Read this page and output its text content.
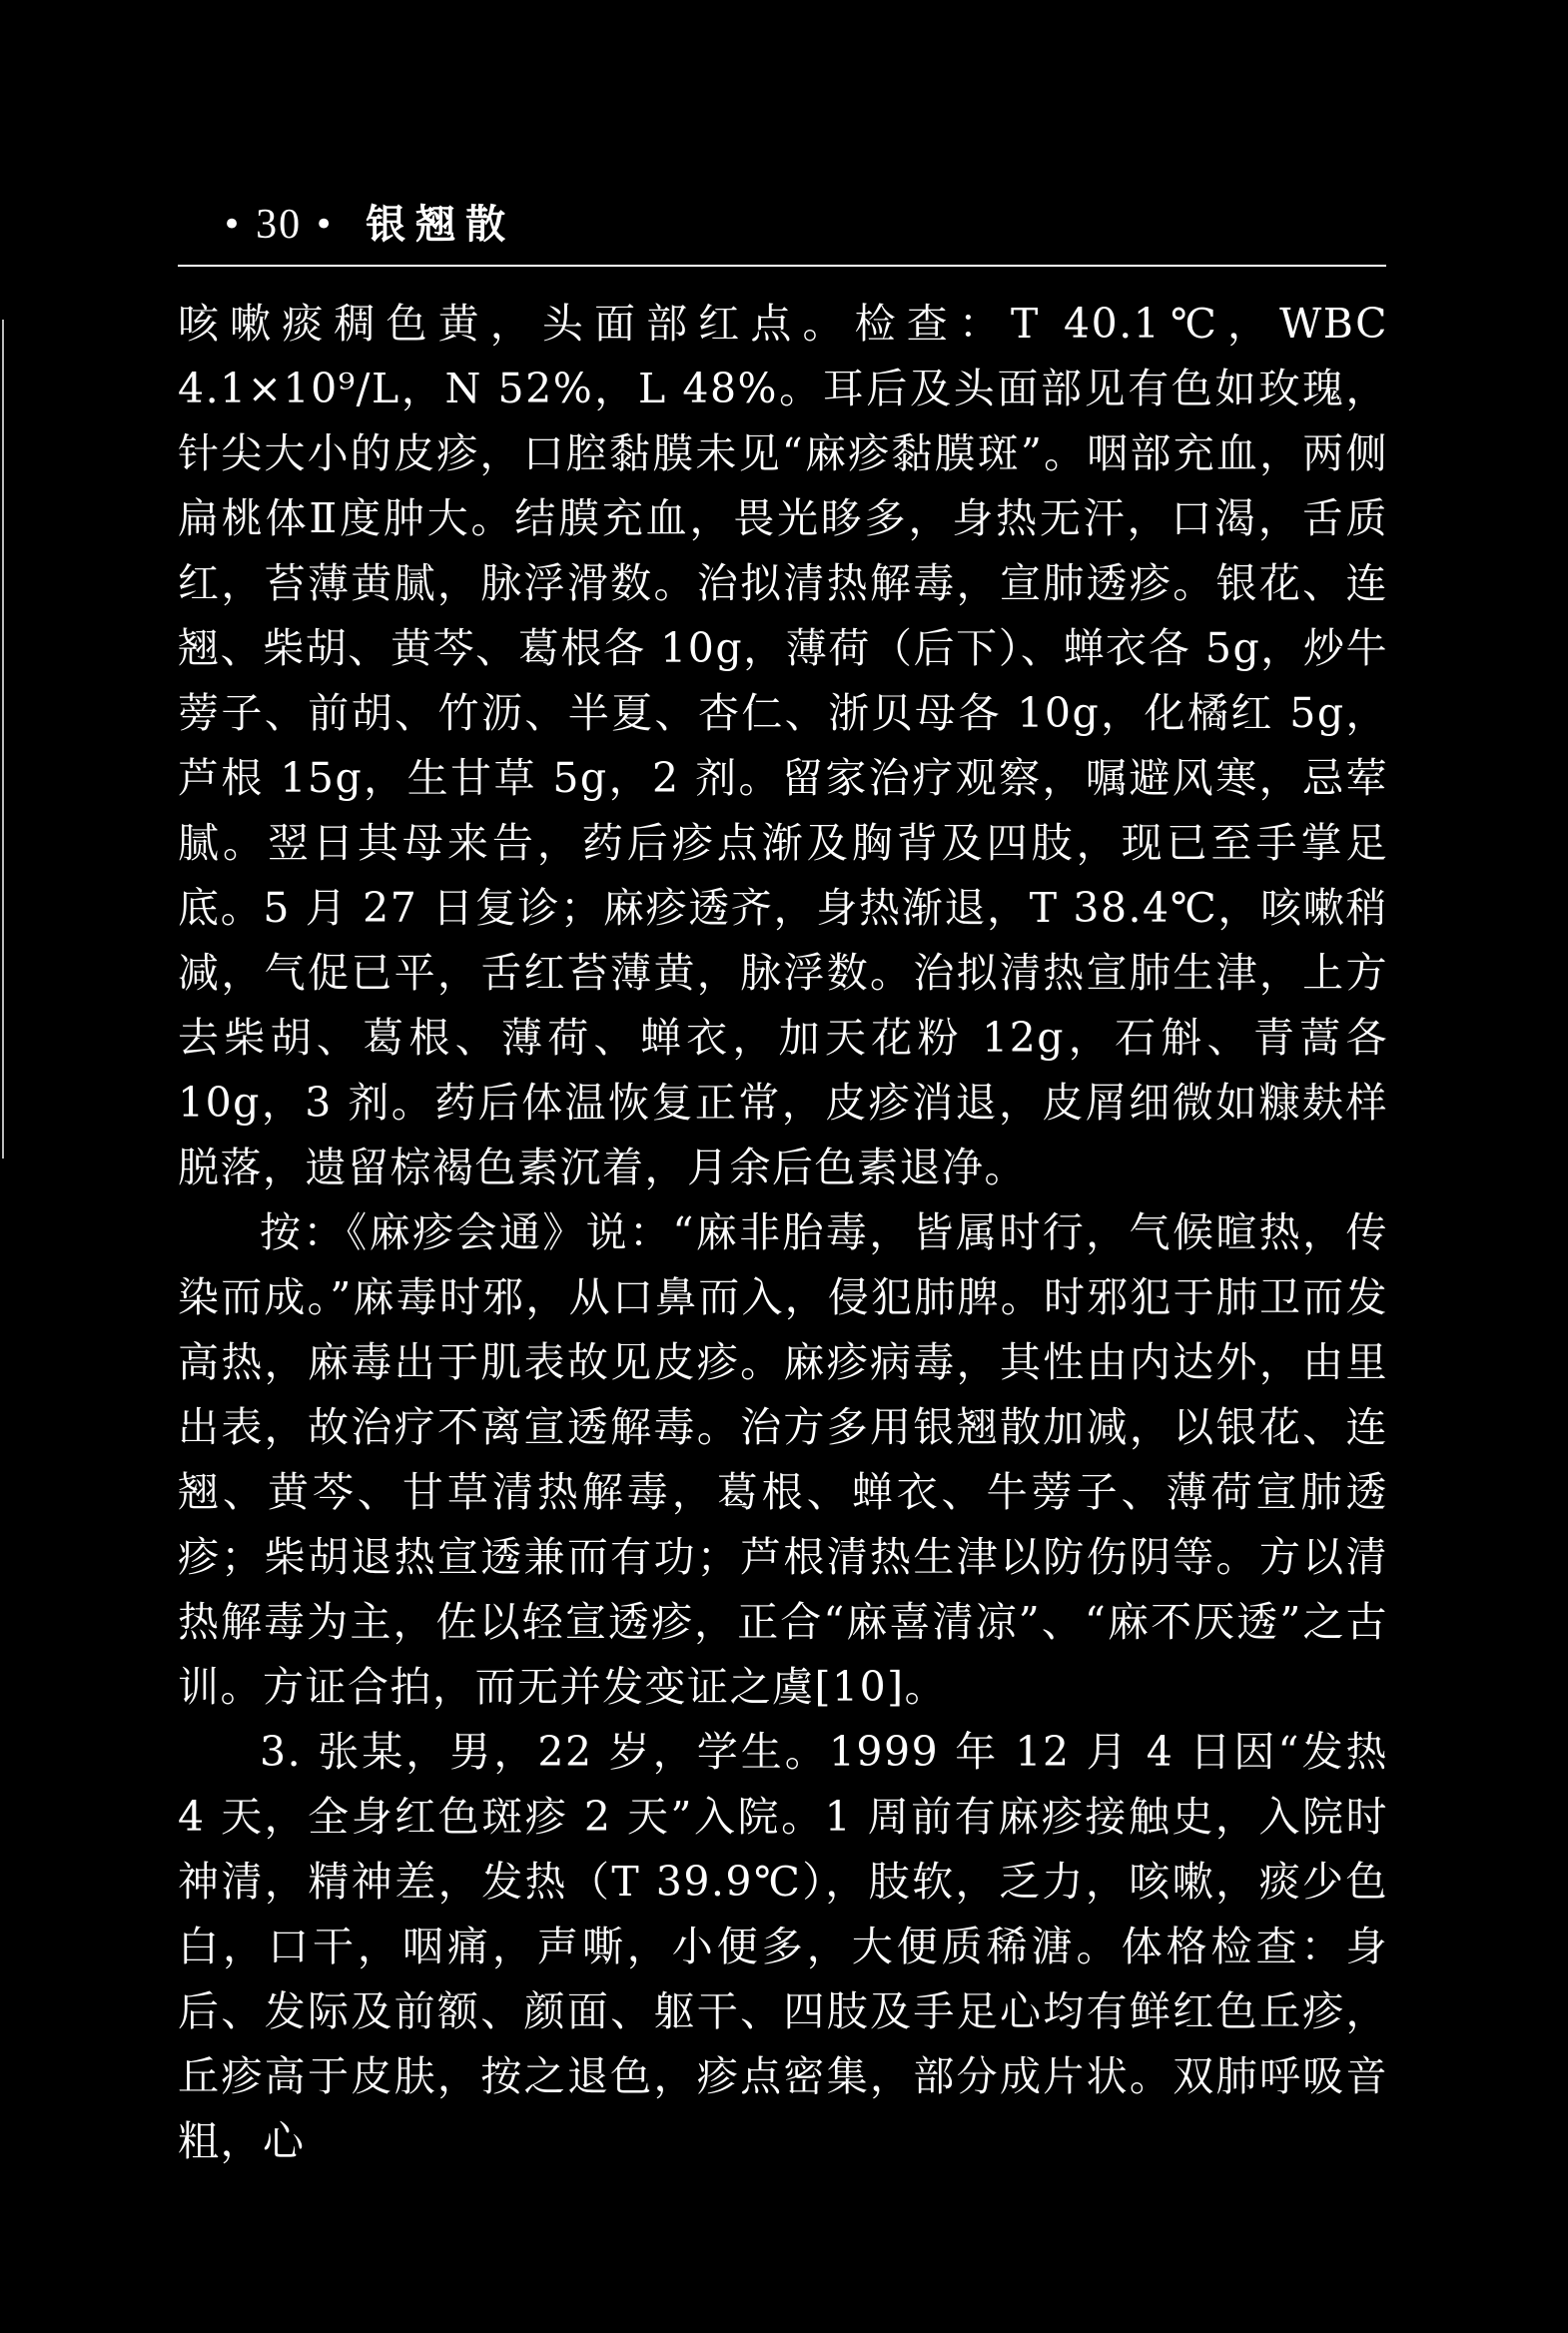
• 30 • 银翘散

咳嗽痰稠色黄，头面部红点。检查：T 40.1℃，WBC 4.1×10⁹/L，N 52%，L 48%。耳后及头面部见有色如玫瑰，针尖大小的皮疹，口腔黏膜未见“麻疹黏膜斑”。咽部充血，两侧扁桃体Ⅱ度肿大。结膜充血，畏光眵多，身热无汗，口渴，舌质红，苔薄黄腻，脉浮滑数。治拟清热解毒，宣肺透疹。银花、连翘、柴胡、黄芩、葛根各 10g，薄荷（后下）、蝉衣各 5g，炒牛蒡子、前胡、竹沥、半夏、杏仁、浙贝母各 10g，化橘红 5g，芦根 15g，生甘草 5g，2 剂。留家治疗观察，嘱避风寒，忌荤腻。翌日其母来告，药后疹点渐及胸背及四肢，现已至手掌足底。5 月 27 日复诊；麻疹透齐，身热渐退，T 38.4℃，咳嗽稍减，气促已平，舌红苔薄黄，脉浮数。治拟清热宣肺生津，上方去柴胡、葛根、薄荷、蝉衣，加天花粉 12g，石斛、青蒿各 10g，3 剂。药后体温恢复正常，皮疹消退，皮屑细微如糠麸样脱落，遗留棕褐色素沉着，月余后色素退净。

按：《麻疹会通》说：“麻非胎毒，皆属时行，气候暄热，传染而成。”麻毒时邪，从口鼻而入，侵犯肺脾。时邪犯于肺卫而发高热，麻毒出于肌表故见皮疹。麻疹病毒，其性由内达外，由里出表，故治疗不离宣透解毒。治方多用银翘散加减，以银花、连翘、黄芩、甘草清热解毒，葛根、蝉衣、牛蒡子、薄荷宣肺透疹；柴胡退热宣透兼而有功；芦根清热生津以防伤阴等。方以清热解毒为主，佐以轻宣透疹，正合“麻喜清凉”、“麻不厌透”之古训。方证合拍，而无并发变证之虞[10]。

3. 张某，男，22 岁，学生。1999 年 12 月 4 日因“发热 4 天，全身红色斑疹 2 天”入院。1 周前有麻疹接触史，入院时神清，精神差，发热（T 39.9℃），肢软，乏力，咳嗽，痰少色白，口干，咽痛，声嘶，小便多，大便质稀溏。体格检查：身后、发际及前额、颜面、躯干、四肢及手足心均有鲜红色丘疹，丘疹高于皮肤，按之退色，疹点密集，部分成片状。双肺呼吸音粗，心
